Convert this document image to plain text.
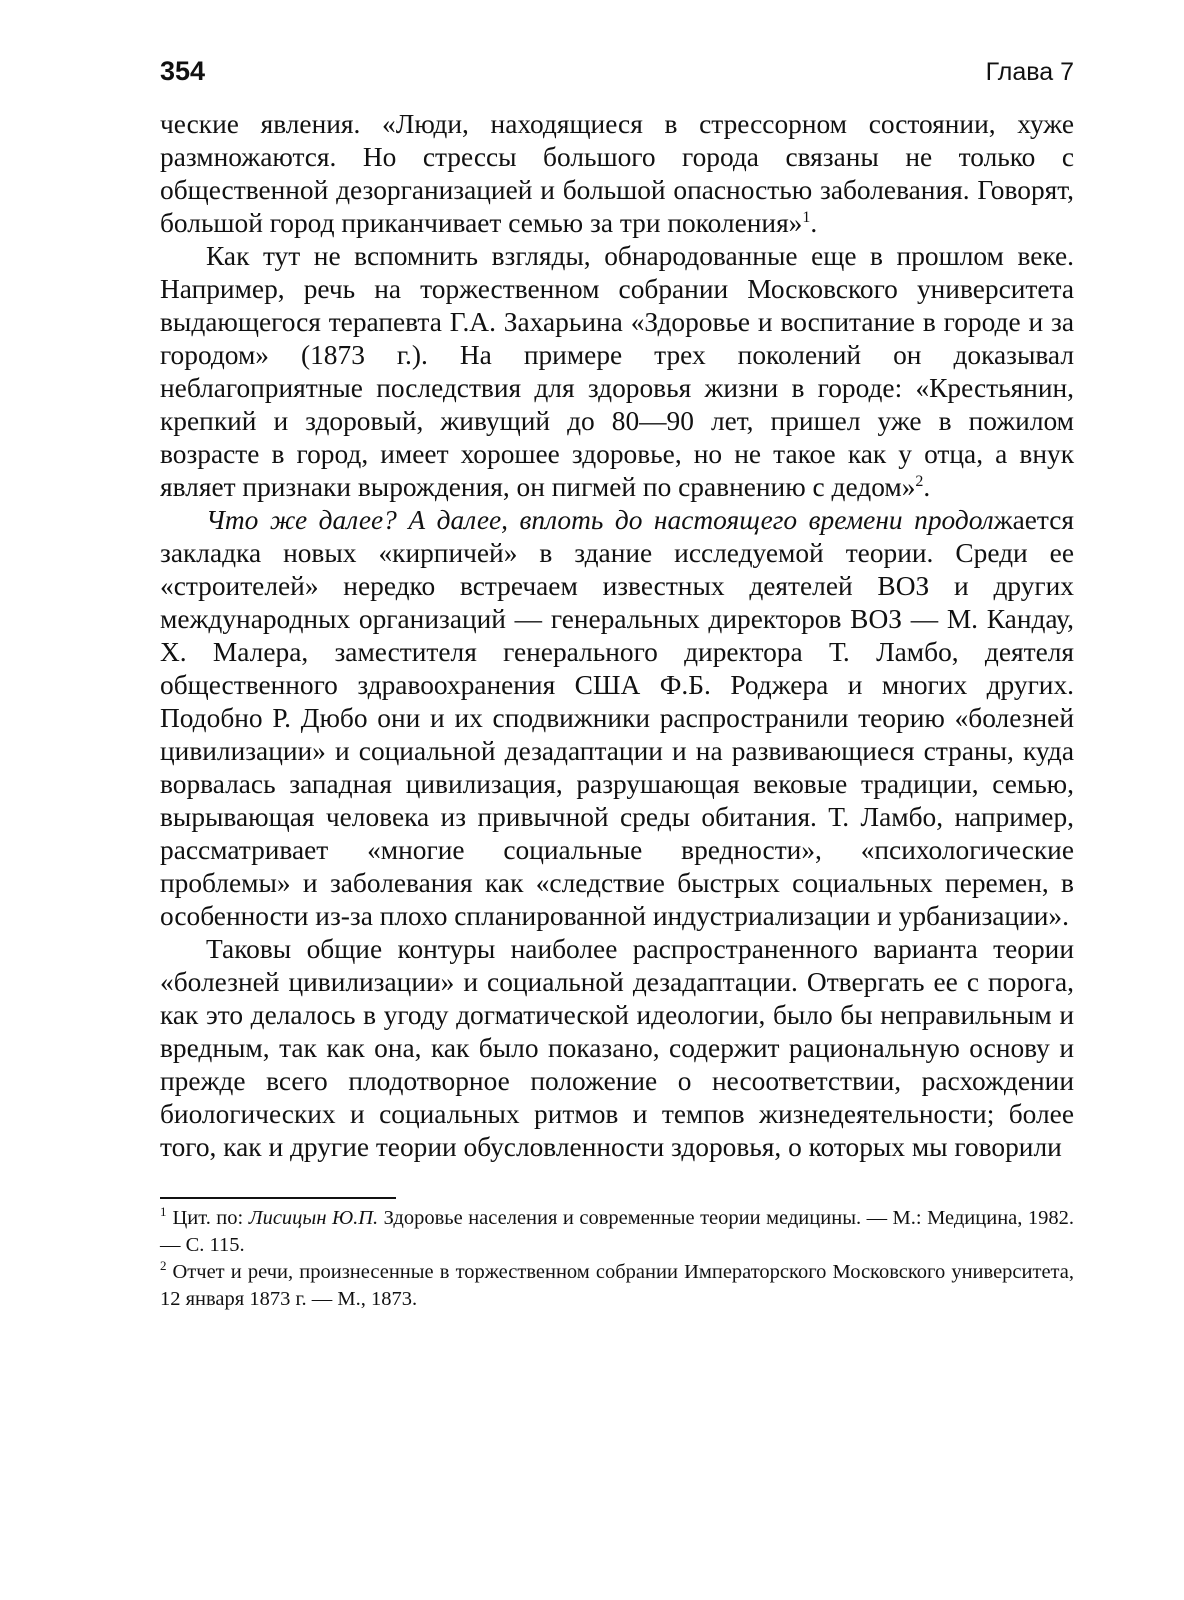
354	Глава 7

ческие явления. «Люди, находящиеся в стрессорном состоянии, хуже размножаются. Но стрессы большого города связаны не только с общественной дезорганизацией и большой опасностью заболевания. Говорят, большой город приканчивает семью за три поколения»$^1$.

Как тут не вспомнить взгляды, обнародованные еще в прошлом веке. Например, речь на торжественном собрании Московского университета выдающегося терапевта Г.А. Захарьина «Здоровье и воспитание в городе и за городом» (1873 г.). На примере трех поколений он доказывал неблагоприятные последствия для здоровья жизни в городе: «Крестьянин, крепкий и здоровый, живущий до 80—90 лет, пришел уже в пожилом возрасте в город, имеет хорошее здоровье, но не такое как у отца, а внук являет признаки вырождения, он пигмей по сравнению с дедом»$^2$.

Что же далее? А далее, вплоть до настоящего времени продолжается закладка новых «кирпичей» в здание исследуемой теории. Среди ее «строителей» нередко встречаем известных деятелей ВОЗ и других международных организаций — генеральных директоров ВОЗ — М. Кандау, Х. Малера, заместителя генерального директора Т. Ламбо, деятеля общественного здравоохранения США Ф.Б. Роджера и многих других. Подобно Р. Дюбо они и их сподвижники распространили теорию «болезней цивилизации» и социальной дезадаптации и на развивающиеся страны, куда ворвалась западная цивилизация, разрушающая вековые традиции, семью, вырывающая человека из привычной среды обитания. Т. Ламбо, например, рассматривает «многие социальные вредности», «психологические проблемы» и заболевания как «следствие быстрых социальных перемен, в особенности из-за плохо спланированной индустриализации и урбанизации».

Таковы общие контуры наиболее распространенного варианта теории «болезней цивилизации» и социальной дезадаптации. Отвергать ее с порога, как это делалось в угоду догматической идеологии, было бы неправильным и вредным, так как она, как было показано, содержит рациональную основу и прежде всего плодотворное положение о несоответствии, расхождении биологических и социальных ритмов и темпов жизнедеятельности; более того, как и другие теории обусловленности здоровья, о которых мы говорили

$^1$ Цит. по: Лисицын Ю.П. Здоровье населения и современные теории медицины. — М.: Медицина, 1982. — С. 115.

$^2$ Отчет и речи, произнесенные в торжественном собрании Императорского Московского университета, 12 января 1873 г. — М., 1873.
